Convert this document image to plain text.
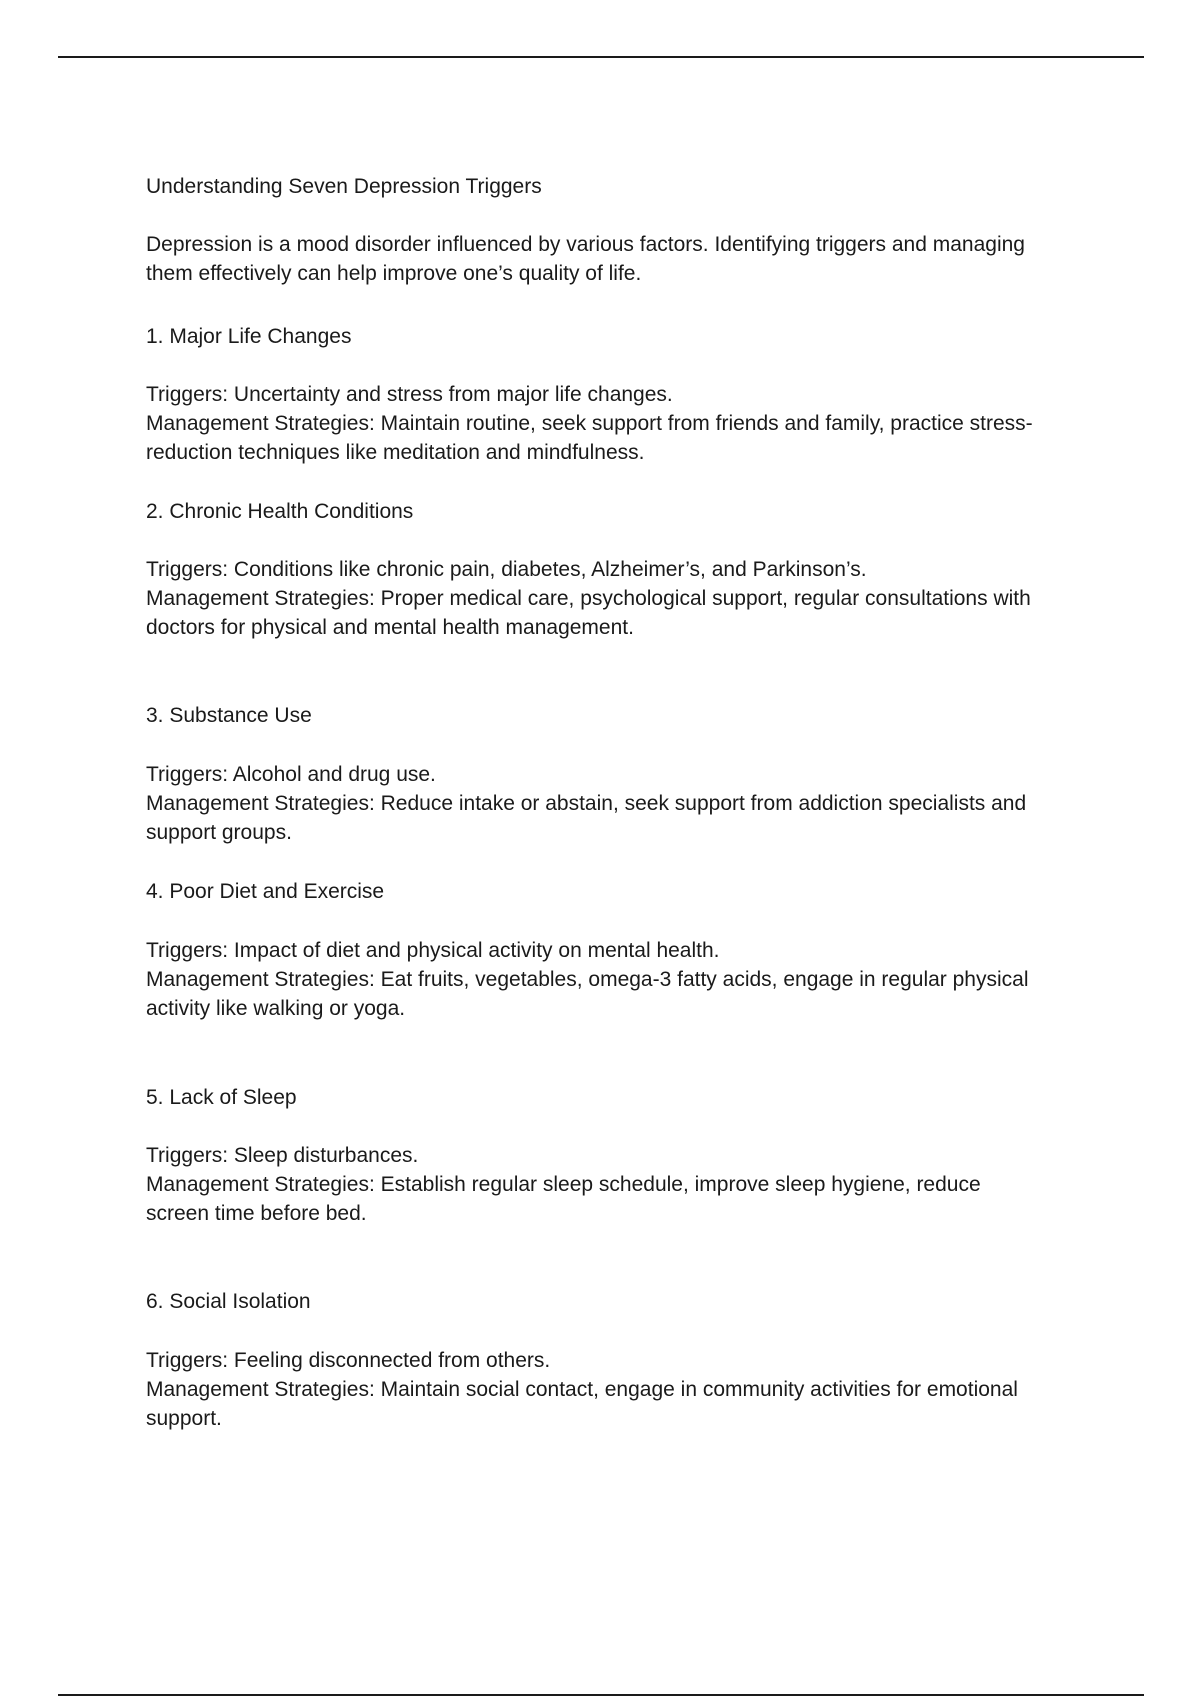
Understanding Seven Depression Triggers

Depression is a mood disorder influenced by various factors. Identifying triggers and managing
them effectively can help improve one’s quality of life.

1. Major Life Changes

Triggers: Uncertainty and stress from major life changes.
Management Strategies: Maintain routine, seek support from friends and family, practice stress-
reduction techniques like meditation and mindfulness.

2. Chronic Health Conditions

Triggers: Conditions like chronic pain, diabetes, Alzheimer’s, and Parkinson’s.
Management Strategies: Proper medical care, psychological support, regular consultations with
doctors for physical and mental health management.

3. Substance Use

Triggers: Alcohol and drug use.
Management Strategies: Reduce intake or abstain, seek support from addiction specialists and
support groups.

4. Poor Diet and Exercise

Triggers: Impact of diet and physical activity on mental health.
Management Strategies: Eat fruits, vegetables, omega-3 fatty acids, engage in regular physical
activity like walking or yoga.

5. Lack of Sleep

Triggers: Sleep disturbances.
Management Strategies: Establish regular sleep schedule, improve sleep hygiene, reduce
screen time before bed.

6. Social Isolation

Triggers: Feeling disconnected from others.
Management Strategies: Maintain social contact, engage in community activities for emotional
support.
